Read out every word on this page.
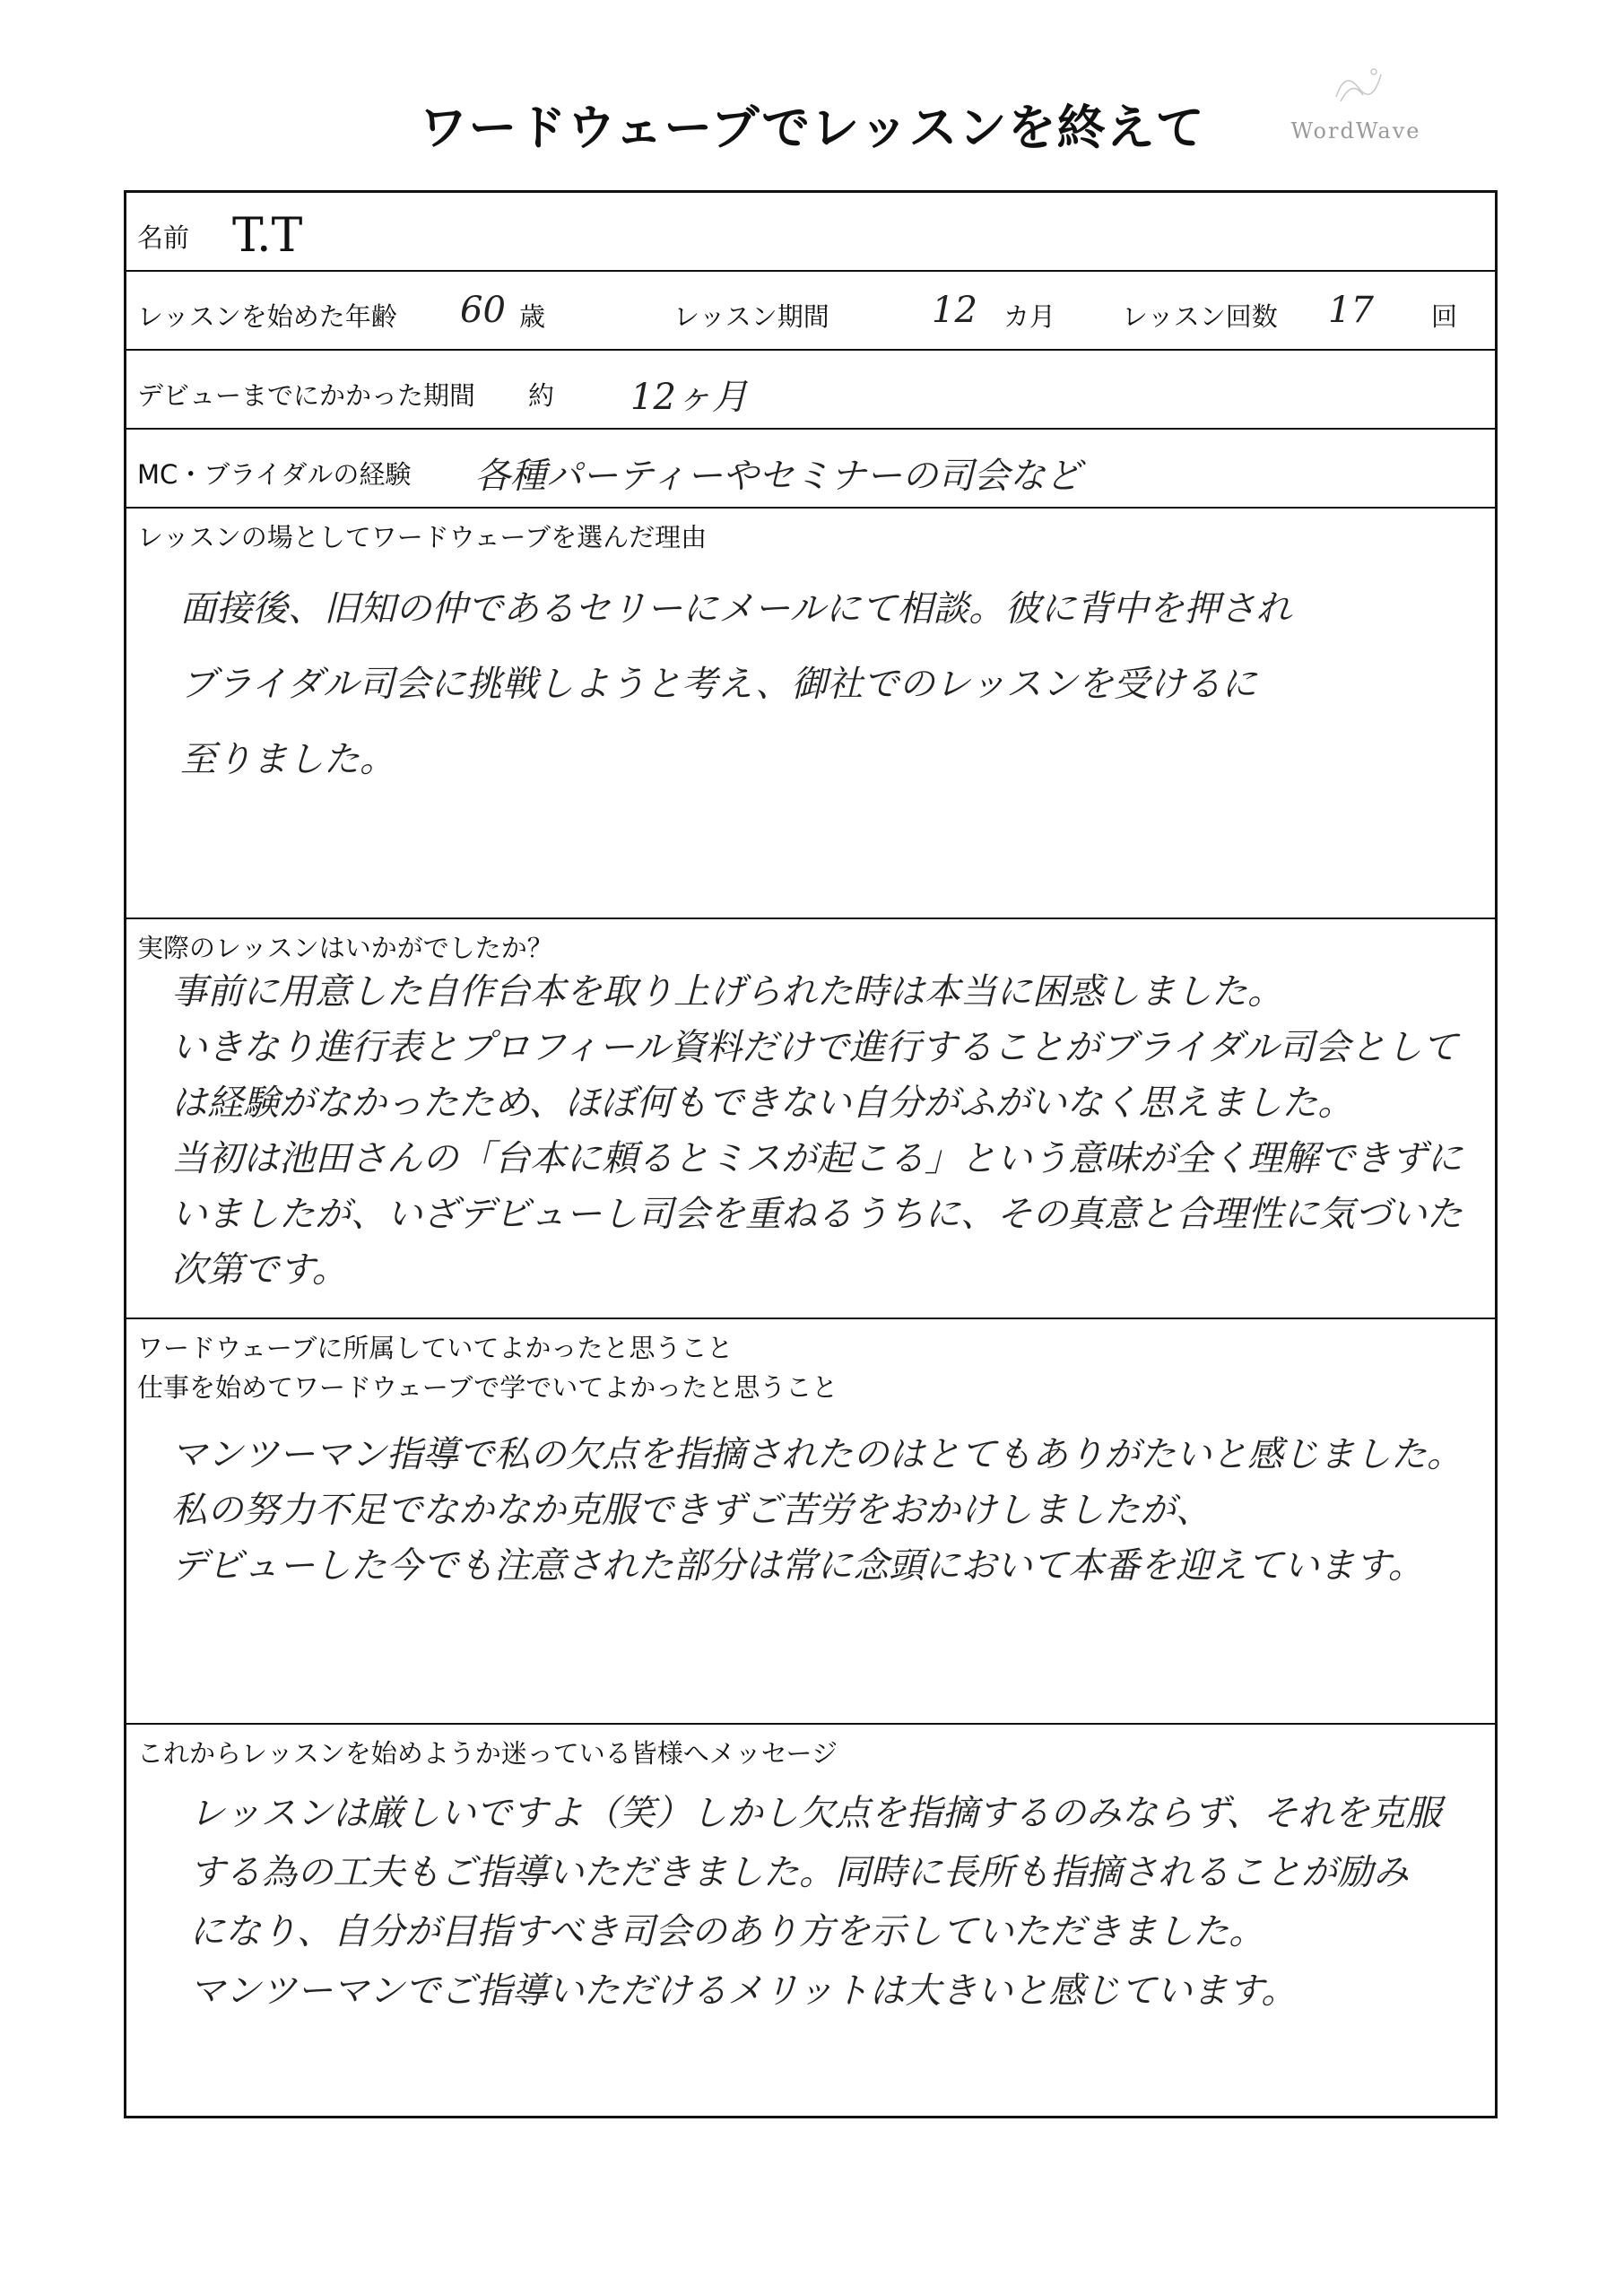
ワードウェーブでレッスンを終えて	WordWave
名前 T.T
レッスンを始めた年齢 60 歳	レッスン期間	12 カ月	レッスン回数 17 回
デビューまでにかかった期間 約 12ヶ月
MC・ブライダルの経験 各種パーティーやセミナーの司会など
レッスンの場としてワードウェーブを選んだ理由
面接後、旧知の仲であるセリーにメールにて相談。彼に背中を押され
ブライダル司会に挑戦しようと考え、御社でのレッスンを受けるに
至りました。
実際のレッスンはいかがでしたか？
事前に用意した自作台本を取り上げられた時は本当に困惑しました。
いきなり進行表とプロフィール資料だけで進行することがブライダル司会として
は経験がなかったため、ほぼ何もできない自分がふがいなく思えました。
当初は池田さんの「台本に頼るとミスが起こる」という意味が全く理解できずに
いましたが、いざデビューし司会を重ねるうちに、その真意と合理性に気づいた
次第です。
ワードウェーブに所属していてよかったと思うこと
仕事を始めてワードウェーブで学でいてよかったと思うこと
マンツーマン指導で私の欠点を指摘されたのはとてもありがたいと感じました。
私の努力不足でなかなか克服できずご苦労をおかけしましたが、
デビューした今でも注意された部分は常に念頭において本番を迎えています。
これからレッスンを始めようか迷っている皆様へメッセージ
レッスンは厳しいですよ（笑）しかし欠点を指摘するのみならず、それを克服
する為の工夫もご指導いただきました。同時に長所も指摘されることが励み
になり、自分が目指すべき司会のあり方を示していただきました。
マンツーマンでご指導いただけるメリットは大きいと感じています。
